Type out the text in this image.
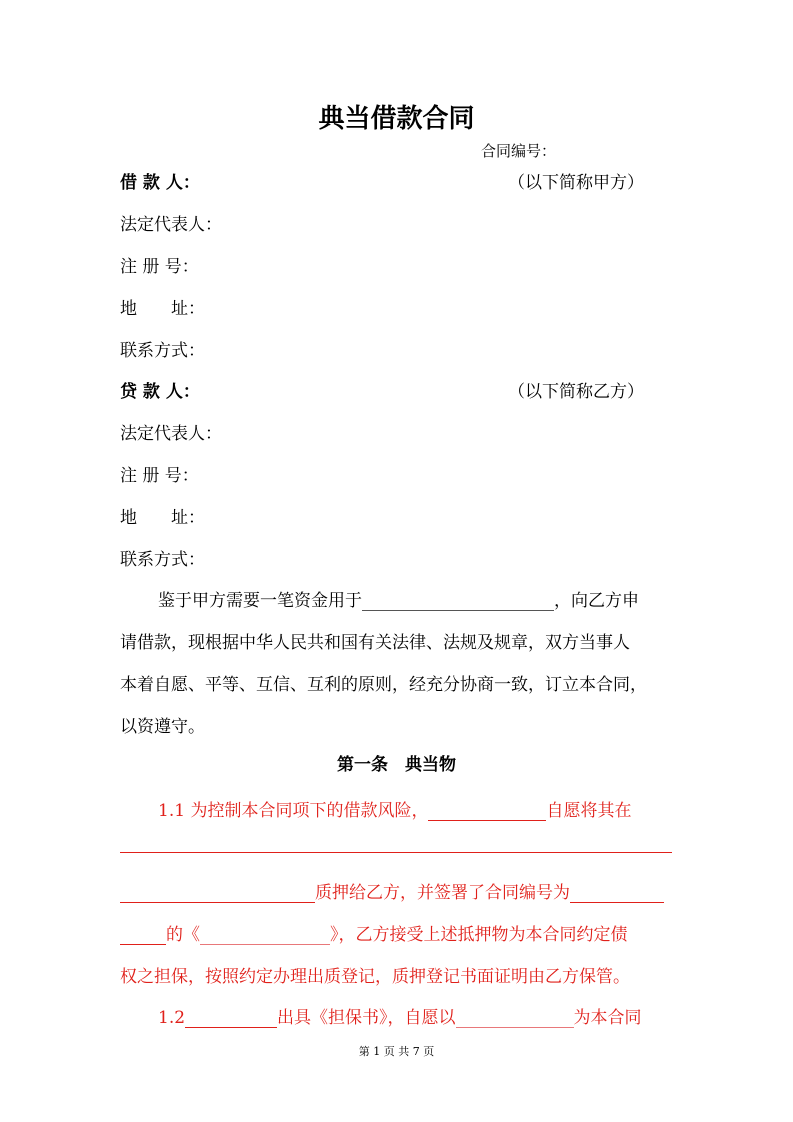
典当借款合同
合同编号：
借 款 人：	（以下简称甲方）
法定代表人：
注 册 号：
地　　址：
联系方式：
贷 款 人：	（以下简称乙方）
法定代表人：
注 册 号：
地　　址：
联系方式：
鉴于甲方需要一笔资金用于	，向乙方申
请借款，现根据中华人民共和国有关法律、法规及规章，双方当事人
本着自愿、平等、互信、互利的原则，经充分协商一致，订立本合同，
以资遵守。
第一条　典当物
1.1 为控制本合同项下的借款风险，	自愿将其在
质押给乙方，并签署了合同编号为
的《	》，乙方接受上述抵押物为本合同约定债
权之担保，按照约定办理出质登记，质押登记书面证明由乙方保管。
1.2	出具《担保书》，自愿以	为本合同
第 1 页 共 7 页
